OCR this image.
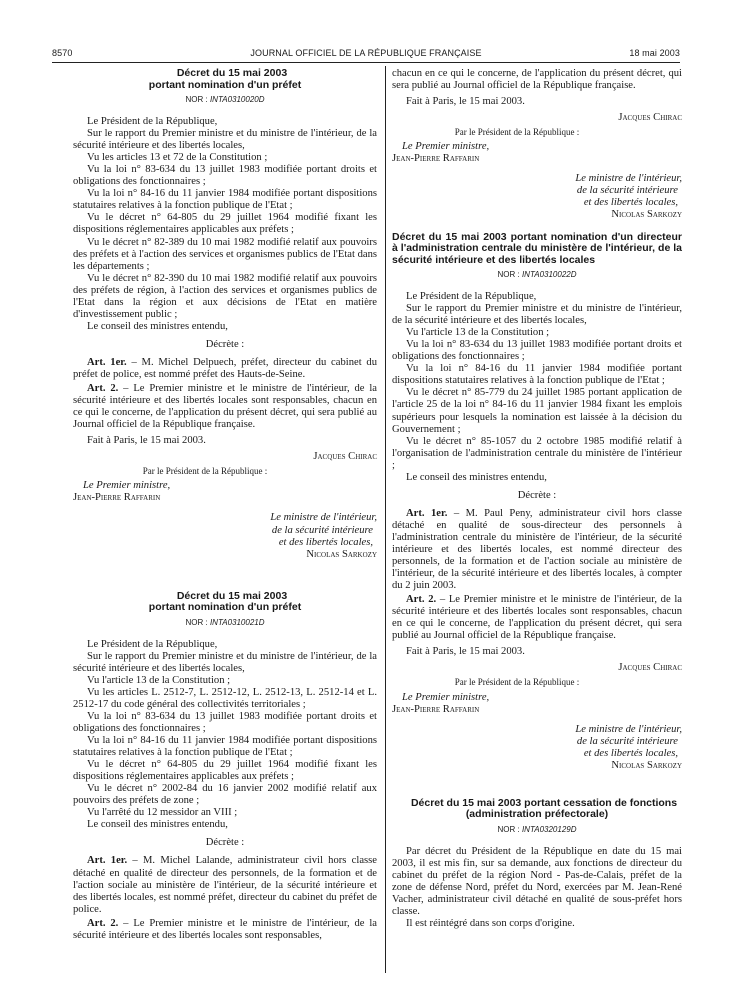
8570	JOURNAL OFFICIEL DE LA RÉPUBLIQUE FRANÇAISE	18 mai 2003

Décret du 15 mai 2003
portant nomination d'un préfet

NOR : INTA0310020D

Le Président de la République,

Sur le rapport du Premier ministre et du ministre de l'intérieur, de la sécurité intérieure et des libertés locales,

Vu les articles 13 et 72 de la Constitution ;

Vu la loi n° 83-634 du 13 juillet 1983 modifiée portant droits et obligations des fonctionnaires ;

Vu la loi n° 84-16 du 11 janvier 1984 modifiée portant dispositions statutaires relatives à la fonction publique de l'Etat ;

Vu le décret n° 64-805 du 29 juillet 1964 modifié fixant les dispositions réglementaires applicables aux préfets ;

Vu le décret n° 82-389 du 10 mai 1982 modifié relatif aux pouvoirs des préfets et à l'action des services et organismes publics de l'Etat dans les départements ;

Vu le décret n° 82-390 du 10 mai 1982 modifié relatif aux pouvoirs des préfets de région, à l'action des services et organismes publics de l'Etat dans la région et aux décisions de l'Etat en matière d'investissement public ;

Le conseil des ministres entendu,

Décrète :

Art. 1er. – M. Michel Delpuech, préfet, directeur du cabinet du préfet de police, est nommé préfet des Hauts-de-Seine.

Art. 2. – Le Premier ministre et le ministre de l'intérieur, de la sécurité intérieure et des libertés locales sont responsables, chacun en ce qui le concerne, de l'application du présent décret, qui sera publié au Journal officiel de la République française.

Fait à Paris, le 15 mai 2003.

Jacques Chirac

Par le Président de la République :

Le Premier ministre,

Jean-Pierre Raffarin

Le ministre de l'intérieur,
de la sécurité intérieure
et des libertés locales,
Nicolas Sarkozy

Décret du 15 mai 2003
portant nomination d'un préfet

NOR : INTA0310021D

Le Président de la République,

Sur le rapport du Premier ministre et du ministre de l'intérieur, de la sécurité intérieure et des libertés locales,

Vu l'article 13 de la Constitution ;

Vu les articles L. 2512-7, L. 2512-12, L. 2512-13, L. 2512-14 et L. 2512-17 du code général des collectivités territoriales ;

Vu la loi n° 83-634 du 13 juillet 1983 modifiée portant droits et obligations des fonctionnaires ;

Vu la loi n° 84-16 du 11 janvier 1984 modifiée portant dispositions statutaires relatives à la fonction publique de l'Etat ;

Vu le décret n° 64-805 du 29 juillet 1964 modifié fixant les dispositions réglementaires applicables aux préfets ;

Vu le décret n° 2002-84 du 16 janvier 2002 modifié relatif aux pouvoirs des préfets de zone ;

Vu l'arrêté du 12 messidor an VIII ;

Le conseil des ministres entendu,

Décrète :

Art. 1er. – M. Michel Lalande, administrateur civil hors classe détaché en qualité de directeur des personnels, de la formation et de l'action sociale au ministère de l'intérieur, de la sécurité intérieure et des libertés locales, est nommé préfet, directeur du cabinet du préfet de police.

Art. 2. – Le Premier ministre et le ministre de l'intérieur, de la sécurité intérieure et des libertés locales sont responsables,

chacun en ce qui le concerne, de l'application du présent décret, qui sera publié au Journal officiel de la République française.

Fait à Paris, le 15 mai 2003.

Jacques Chirac

Par le Président de la République :

Le Premier ministre,

Jean-Pierre Raffarin

Le ministre de l'intérieur,
de la sécurité intérieure
et des libertés locales,
Nicolas Sarkozy

Décret du 15 mai 2003 portant nomination d'un directeur à l'administration centrale du ministère de l'intérieur, de la sécurité intérieure et des libertés locales

NOR : INTA0310022D

Le Président de la République,

Sur le rapport du Premier ministre et du ministre de l'intérieur, de la sécurité intérieure et des libertés locales,

Vu l'article 13 de la Constitution ;

Vu la loi n° 83-634 du 13 juillet 1983 modifiée portant droits et obligations des fonctionnaires ;

Vu la loi n° 84-16 du 11 janvier 1984 modifiée portant dispositions statutaires relatives à la fonction publique de l'Etat ;

Vu le décret n° 85-779 du 24 juillet 1985 portant application de l'article 25 de la loi n° 84-16 du 11 janvier 1984 fixant les emplois supérieurs pour lesquels la nomination est laissée à la décision du Gouvernement ;

Vu le décret n° 85-1057 du 2 octobre 1985 modifié relatif à l'organisation de l'administration centrale du ministère de l'intérieur ;

Le conseil des ministres entendu,

Décrète :

Art. 1er. – M. Paul Peny, administrateur civil hors classe détaché en qualité de sous-directeur des personnels à l'administration centrale du ministère de l'intérieur, de la sécurité intérieure et des libertés locales, est nommé directeur des personnels, de la formation et de l'action sociale au ministère de l'intérieur, de la sécurité intérieure et des libertés locales, à compter du 2 juin 2003.

Art. 2. – Le Premier ministre et le ministre de l'intérieur, de la sécurité intérieure et des libertés locales sont responsables, chacun en ce qui le concerne, de l'application du présent décret, qui sera publié au Journal officiel de la République française.

Fait à Paris, le 15 mai 2003.

Jacques Chirac

Par le Président de la République :

Le Premier ministre,

Jean-Pierre Raffarin

Le ministre de l'intérieur,
de la sécurité intérieure
et des libertés locales,
Nicolas Sarkozy

Décret du 15 mai 2003 portant cessation de fonctions
(administration préfectorale)

NOR : INTA0320129D

Par décret du Président de la République en date du 15 mai 2003, il est mis fin, sur sa demande, aux fonctions de directeur du cabinet du préfet de la région Nord - Pas-de-Calais, préfet de la zone de défense Nord, préfet du Nord, exercées par M. Jean-René Vacher, administrateur civil détaché en qualité de sous-préfet hors classe.

Il est réintégré dans son corps d'origine.
